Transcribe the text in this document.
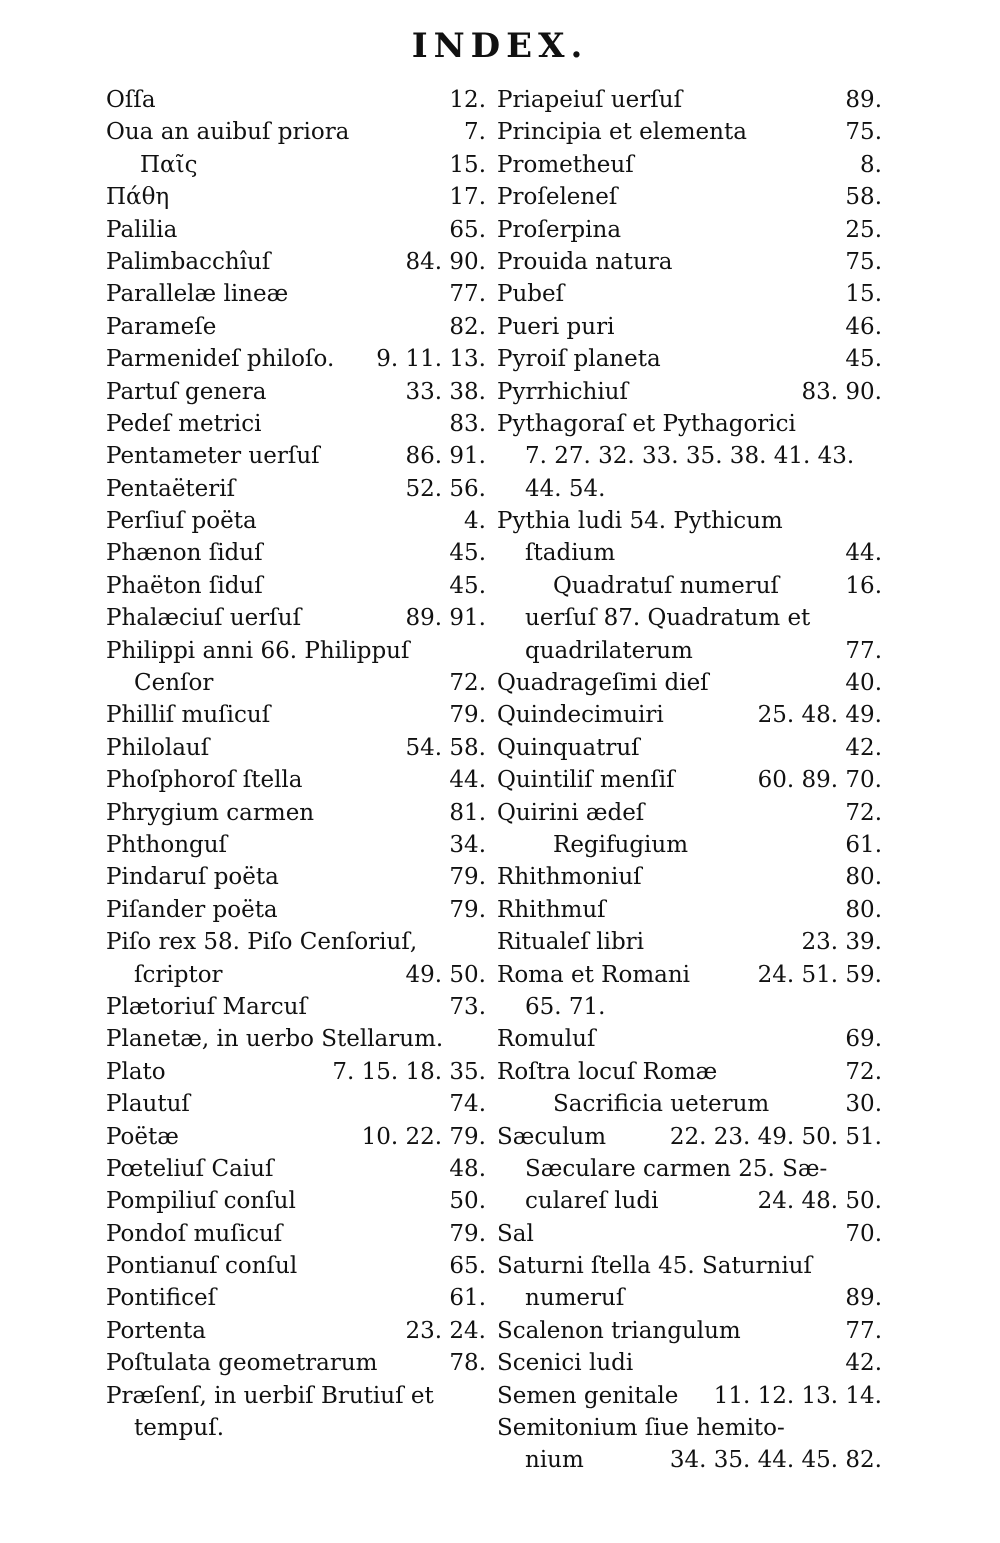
INDEX.
Oſſa	12.
Oua an auibuſ priora	7.
Παῖς	15.
Πάθη	17.
Palilia	65.
Palimbacchîuſ	84. 90.
Parallelæ lineæ	77.
Parameſe	82.
Parmenideſ philoſo.	9. 11. 13.
Partuſ genera	33. 38.
Pedeſ metrici	83.
Pentameter uerſuſ	86. 91.
Pentaëteriſ	52. 56.
Perſiuſ poëta	4.
Phænon ſiduſ	45.
Phaëton ſiduſ	45.
Phalæciuſ uerſuſ	89. 91.
Philippi anni 66. Philippuſ
Cenſor	72.
Philliſ muſicuſ	79.
Philolauſ	54. 58.
Phoſphoroſ ſtella	44.
Phrygium carmen	81.
Phthonguſ	34.
Pindaruſ poëta	79.
Piſander poëta	79.
Piſo rex 58. Piſo Cenſoriuſ,
ſcriptor	49. 50.
Plætoriuſ Marcuſ	73.
Planetæ, in uerbo Stellarum.
Plato	7. 15. 18. 35.
Plautuſ	74.
Poëtæ	10. 22. 79.
Pœteliuſ Caiuſ	48.
Pompiliuſ conſul	50.
Pondoſ muſicuſ	79.
Pontianuſ conſul	65.
Pontificeſ	61.
Portenta	23. 24.
Poſtulata geometrarum	78.
Præſenſ, in uerbiſ Brutiuſ et
tempuſ.
Priapeiuſ uerſuſ	89.
Principia et elementa	75.
Prometheuſ	8.
Proſeleneſ	58.
Proſerpina	25.
Prouida natura	75.
Pubeſ	15.
Pueri puri	46.
Pyroiſ planeta	45.
Pyrrhichiuſ	83. 90.
Pythagoraſ et Pythagorici
7. 27. 32. 33. 35. 38. 41. 43.
44. 54.
Pythia ludi 54. Pythicum
ſtadium	44.
Quadratuſ numeruſ	16.
uerſuſ 87. Quadratum et
quadrilaterum	77.
Quadrageſimi dieſ	40.
Quindecimuiri	25. 48. 49.
Quinquatruſ	42.
Quintiliſ menſiſ	60. 89. 70.
Quirini ædeſ	72.
Regifugium	61.
Rhithmoniuſ	80.
Rhithmuſ	80.
Ritualeſ libri	23. 39.
Roma et Romani	24. 51. 59.
65. 71.
Romuluſ	69.
Roſtra locuſ Romæ	72.
Sacrificia ueterum	30.
Sæculum	22. 23. 49. 50. 51.
Sæculare carmen 25. Sæ-
cularеſ ludi	24. 48. 50.
Sal	70.
Saturni ſtella 45. Saturniuſ
numeruſ	89.
Scalenon triangulum	77.
Scenici ludi	42.
Semen genitale	11. 12. 13. 14.
Semitonium ſiue hemito-
nium	34. 35. 44. 45. 82.
